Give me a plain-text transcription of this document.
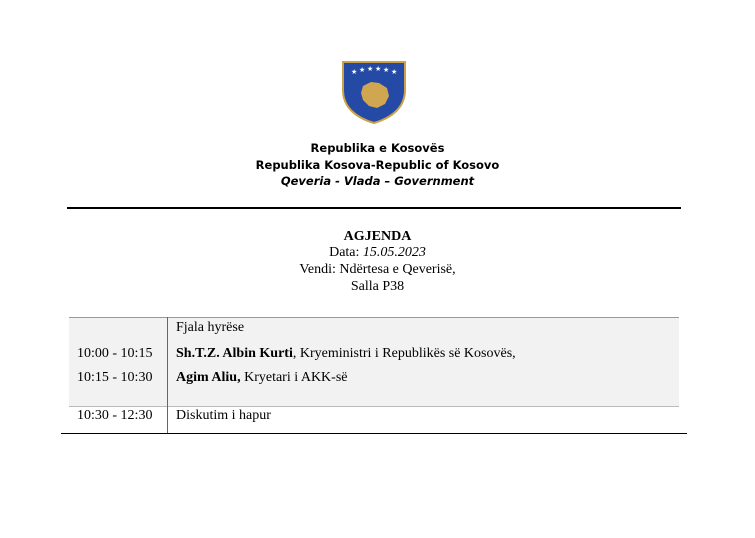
★ ★ ★ ★ ★ ★
Republika e Kosovës
Republika Kosova-Republic of Kosovo
Qeveria - Vlada – Government
AGJENDA
Data: 15.05.2023
Vendi: Ndërtesa e Qeverisë,
Salla P38
Fjala hyrëse
10:00 - 10:15	Sh.T.Z. Albin Kurti, Kryeministri i Republikës së Kosovës,
10:15 - 10:30	Agim Aliu, Kryetari i AKK-së
10:30 - 12:30	Diskutim i hapur
